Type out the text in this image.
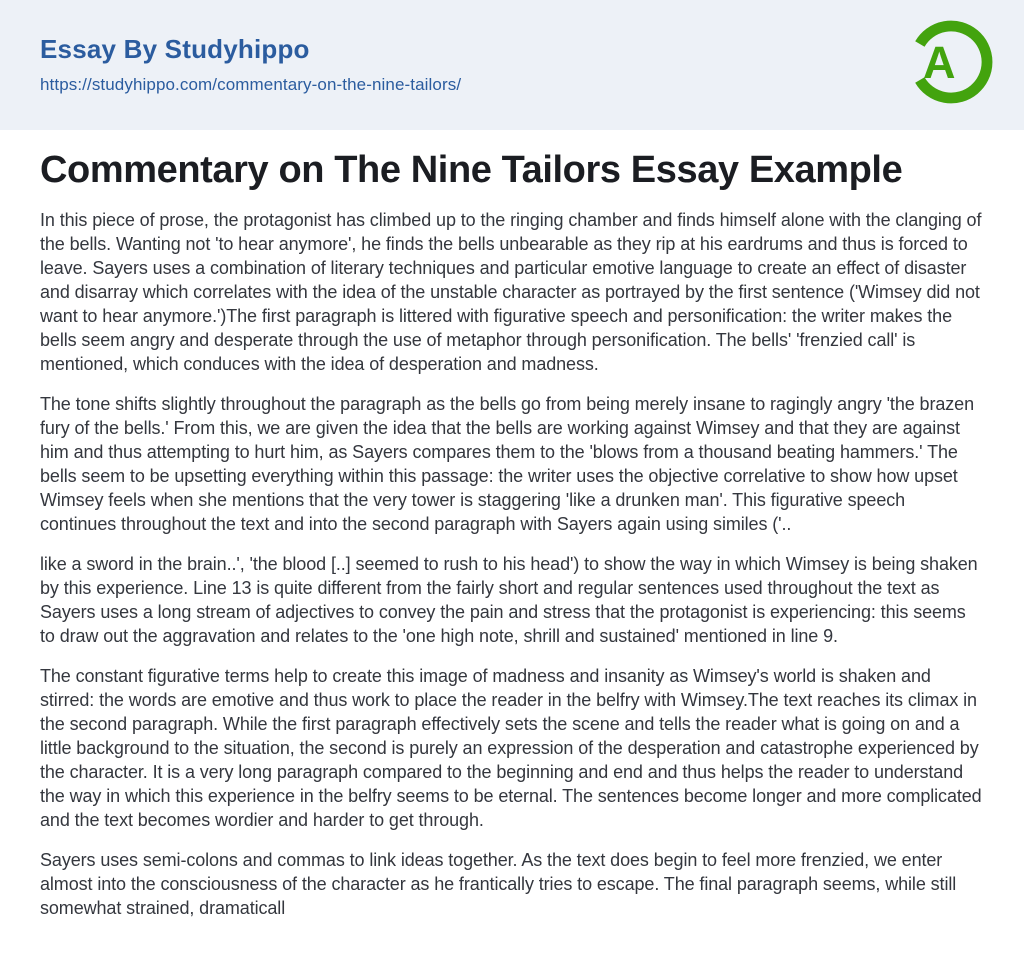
Essay By Studyhippo
https://studyhippo.com/commentary-on-the-nine-tailors/	A
Commentary on The Nine Tailors Essay Example

In this piece of prose, the protagonist has climbed up to the ringing chamber and finds himself alone with the clanging of the bells. Wanting not 'to hear anymore', he finds the bells unbearable as they rip at his eardrums and thus is forced to leave. Sayers uses a combination of literary techniques and particular emotive language to create an effect of disaster and disarray which correlates with the idea of the unstable character as portrayed by the first sentence ('Wimsey did not want to hear anymore.')The first paragraph is littered with figurative speech and personification: the writer makes the bells seem angry and desperate through the use of metaphor through personification. The bells' 'frenzied call' is mentioned, which conduces with the idea of desperation and madness.

The tone shifts slightly throughout the paragraph as the bells go from being merely insane to ragingly angry 'the brazen fury of the bells.' From this, we are given the idea that the bells are working against Wimsey and that they are against him and thus attempting to hurt him, as Sayers compares them to the 'blows from a thousand beating hammers.' The bells seem to be upsetting everything within this passage: the writer uses the objective correlative to show how upset Wimsey feels when she mentions that the very tower is staggering 'like a drunken man'. This figurative speech continues throughout the text and into the second paragraph with Sayers again using similes ('..

like a sword in the brain..', 'the blood [..] seemed to rush to his head') to show the way in which Wimsey is being shaken by this experience. Line 13 is quite different from the fairly short and regular sentences used throughout the text as Sayers uses a long stream of adjectives to convey the pain and stress that the protagonist is experiencing: this seems to draw out the aggravation and relates to the 'one high note, shrill and sustained' mentioned in line 9.

The constant figurative terms help to create this image of madness and insanity as Wimsey's world is shaken and stirred: the words are emotive and thus work to place the reader in the belfry with Wimsey.The text reaches its climax in the second paragraph. While the first paragraph effectively sets the scene and tells the reader what is going on and a little background to the situation, the second is purely an expression of the desperation and catastrophe experienced by the character. It is a very long paragraph compared to the beginning and end and thus helps the reader to understand the way in which this experience in the belfry seems to be eternal. The sentences become longer and more complicated and the text becomes wordier and harder to get through.

Sayers uses semi-colons and commas to link ideas together. As the text does begin to feel more frenzied, we enter almost into the consciousness of the character as he frantically tries to escape. The final paragraph seems, while still somewhat strained, dramaticall
